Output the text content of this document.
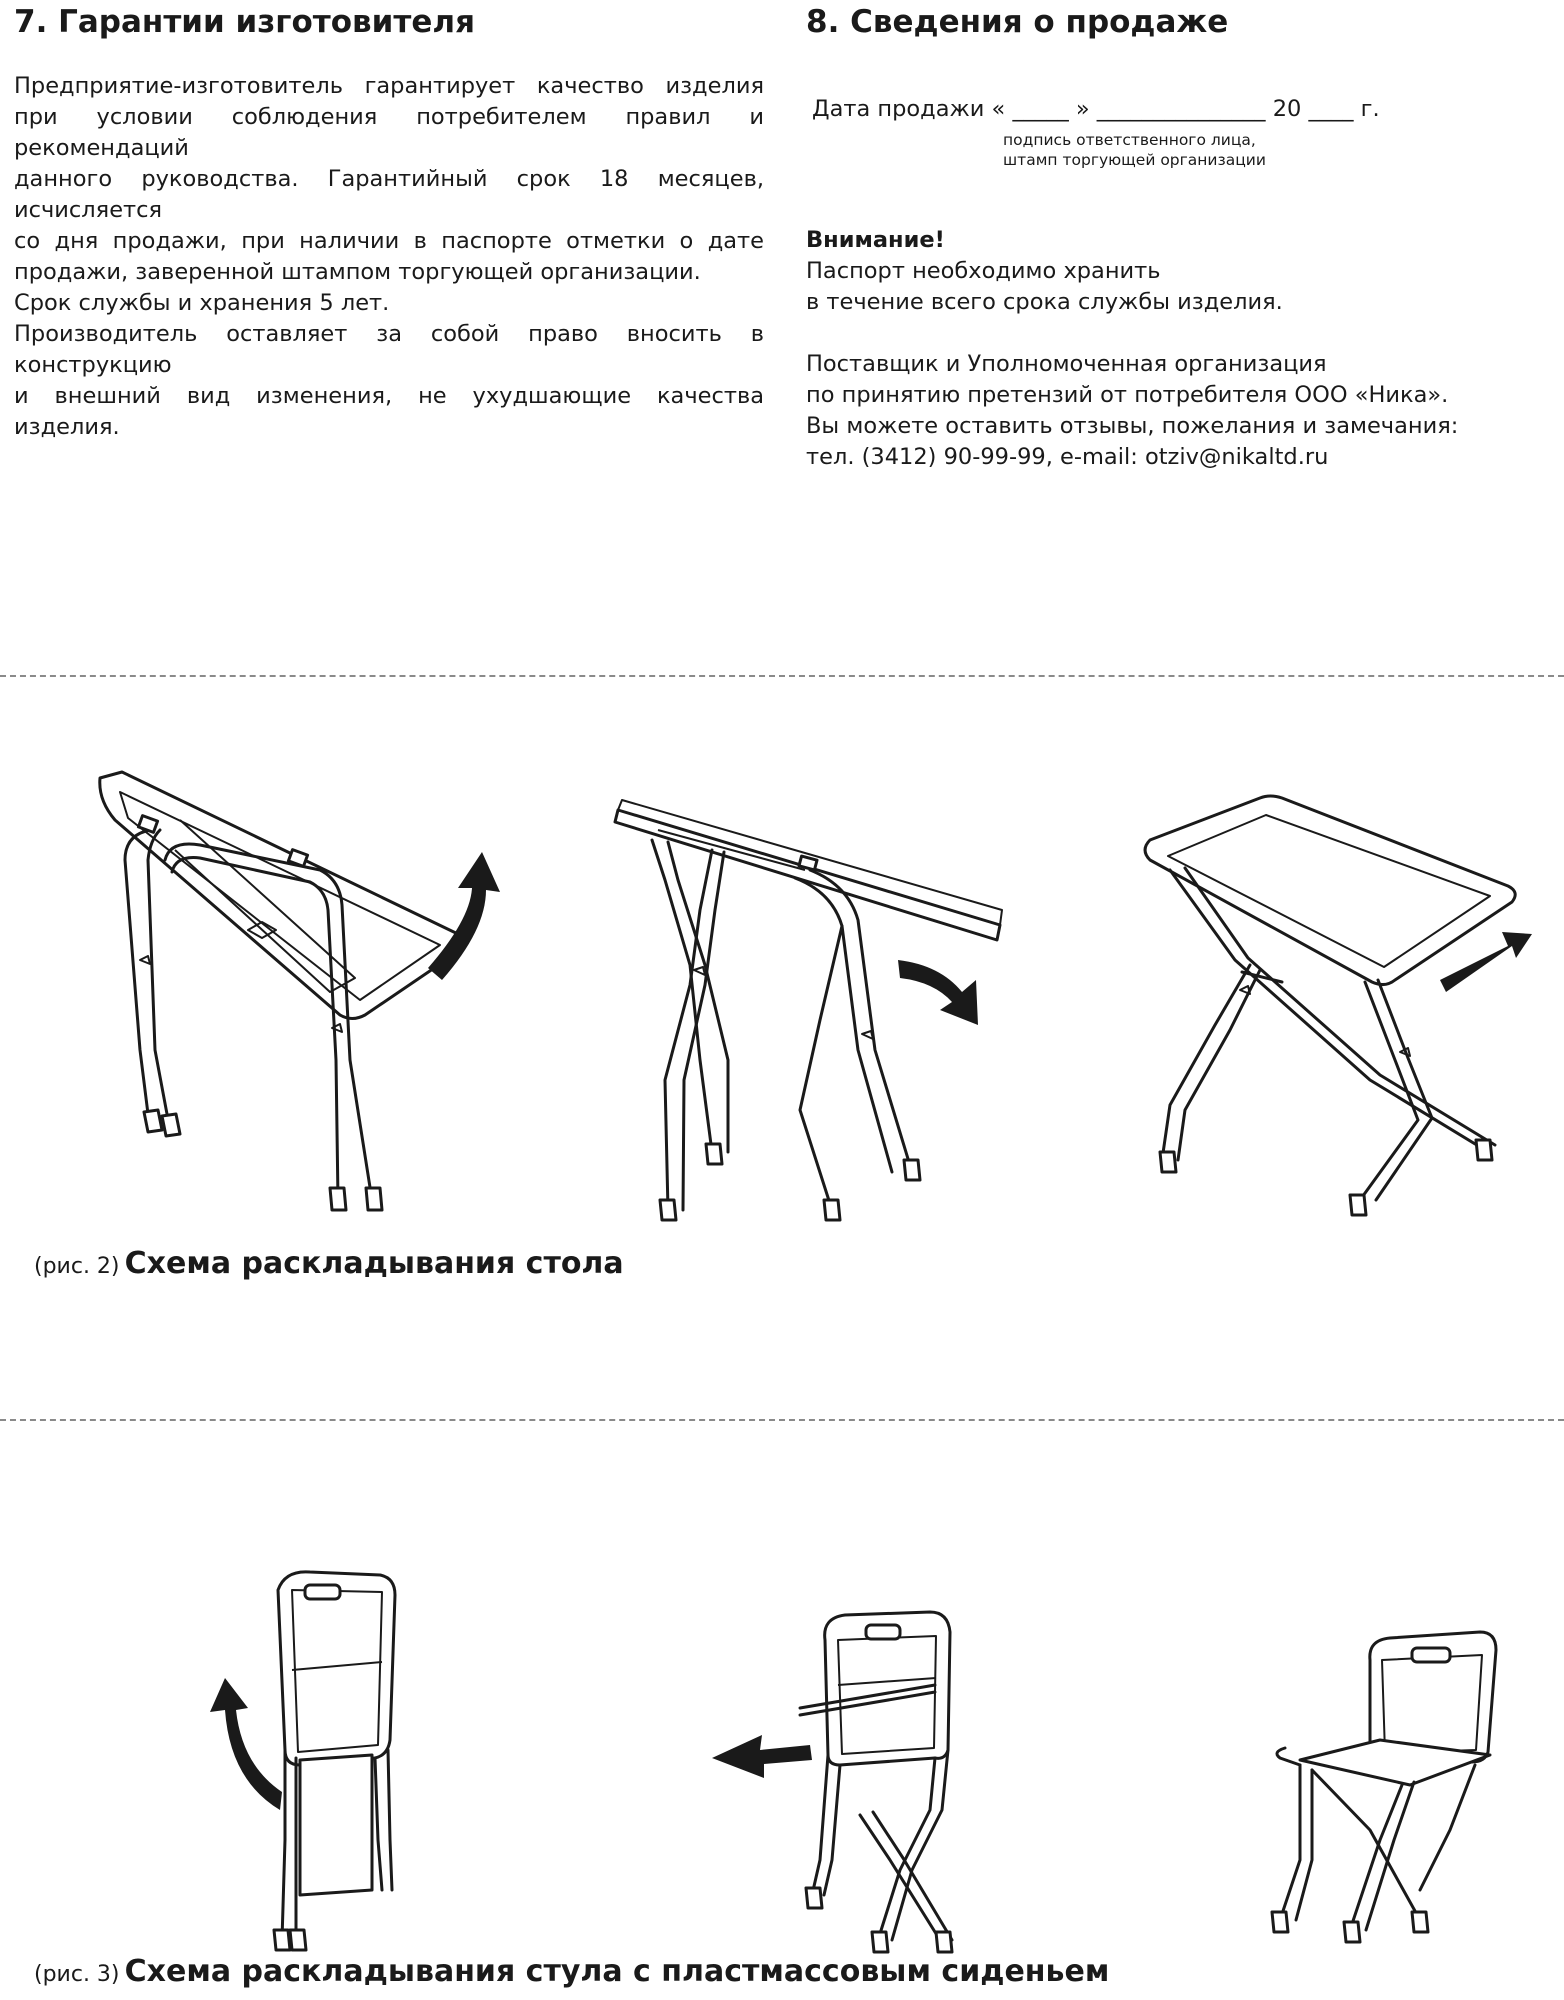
7. Гарантии изготовителя

Предприятие-изготовитель гарантирует качество изделия

при условии соблюдения потребителем правил и рекомендаций

данного руководства. Гарантийный срок 18 месяцев, исчисляется

со дня продажи, при наличии в паспорте отметки о дате

продажи, заверенной штампом торгующей организации.

Срок службы и хранения 5 лет.

Производитель оставляет за собой право вносить в конструкцию

и внешний вид изменения, не ухудшающие качества изделия.

8. Сведения о продаже

Дата продажи « _____ » _______________ 20 ____ г.

подпись ответственного лица,
штамп торгующей организации

Внимание!

Паспорт необходимо хранить

в течение всего срока службы изделия.

Поставщик и Уполномоченная организация

по принятию претензий от потребителя ООО «Ника».

Вы можете оставить отзывы, пожелания и замечания:

тел. (3412) 90-99-99, e-mail: otziv@nikaltd.ru

(рис. 2) Схема раскладывания стола
(рис. 3) Схема раскладывания стула с пластмассовым сиденьем
